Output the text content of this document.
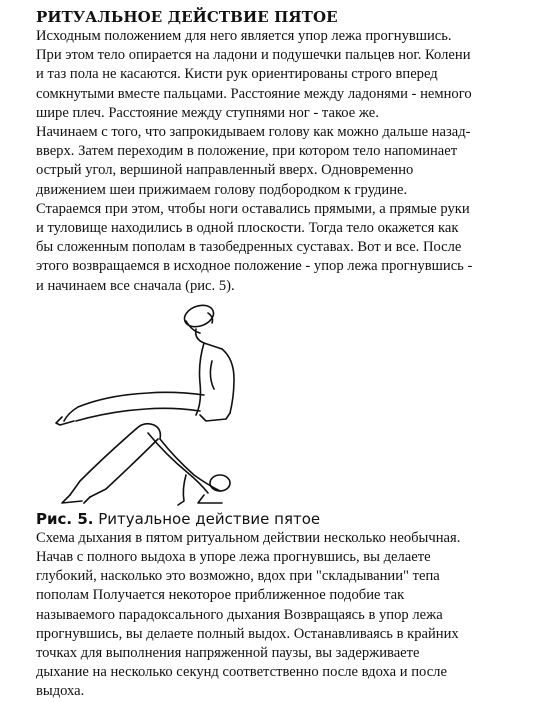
РИТУАЛЬНОЕ ДЕЙСТВИЕ ПЯТОЕ
Исходным положением для него является упор лежа прогнувшись.
При этом тело опирается на ладони и подушечки пальцев ног. Колени
и таз пола не касаются. Кисти рук ориентированы строго вперед
сомкнутыми вместе пальцами. Расстояние между ладонями - немного
шире плеч. Расстояние между ступнями ног - такое же.
Начинаем с того, что запрокидываем голову как можно дальше назад-
вверх. Затем переходим в положение, при котором тело напоминает
острый угол, вершиной направленный вверх. Одновременно
движением шеи прижимаем голову подбородком к грудине.
Стараемся при этом, чтобы ноги оставались прямыми, а прямые руки
и туловище находились в одной плоскости. Тогда тело окажется как
бы сложенным пополам в тазобедренных суставах. Вот и все. После
этого возвращаемся в исходное положение - упор лежа прогнувшись -
и начинаем все сначала (рис. 5).
Рис. 5. Ритуальное действие пятое
Схема дыхания в пятом ритуальном действии несколько необычная.
Начав с полного выдоха в упоре лежа прогнувшись, вы делаете
глубокий, насколько это возможно, вдох при "складывании" тепа
пополам Получается некоторое приближенное подобие так
называемого парадоксального дыхания Возвращаясь в упор лежа
прогнувшись, вы делаете полный выдох. Останавливаясь в крайних
точках для выполнения напряженной паузы, вы задерживаете
дыхание на несколько секунд соответственно после вдоха и после
выдоха.
